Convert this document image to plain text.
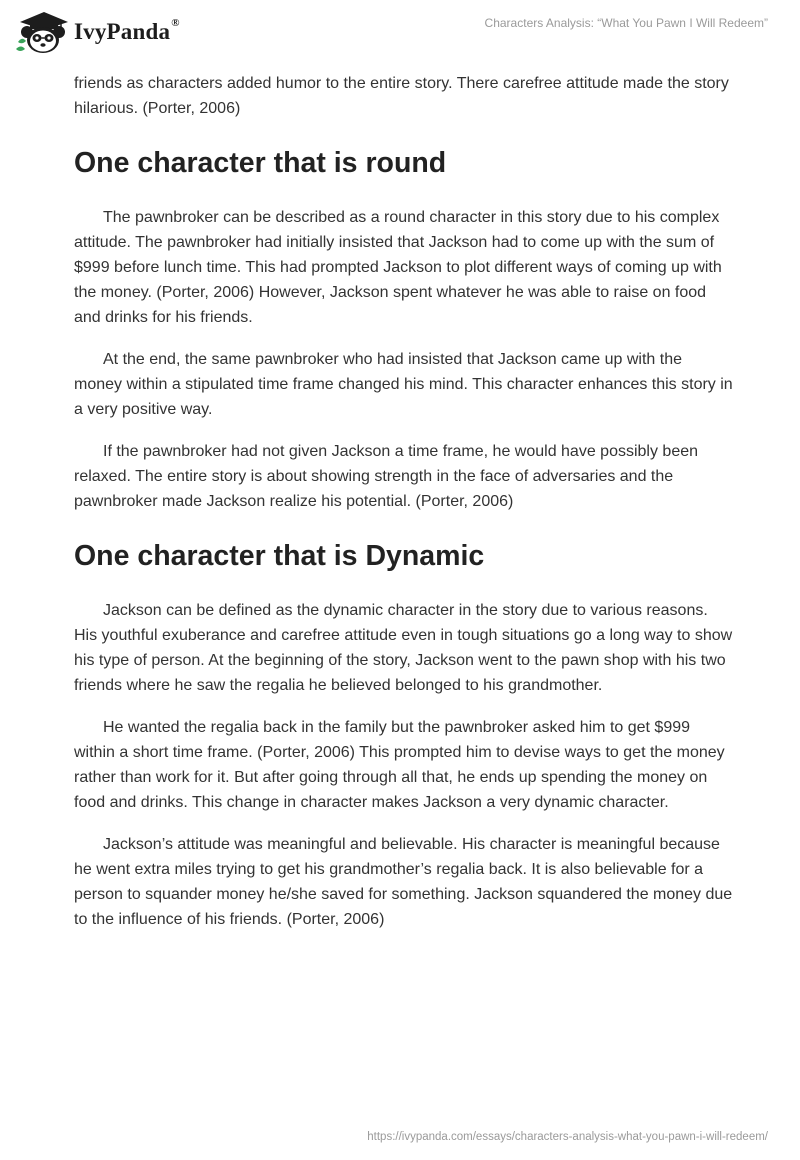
IvyPanda®	Characters Analysis: “What You Pawn I Will Redeem”

friends as characters added humor to the entire story. There carefree attitude made the story hilarious. (Porter, 2006)

One character that is round

The pawnbroker can be described as a round character in this story due to his complex attitude. The pawnbroker had initially insisted that Jackson had to come up with the sum of $999 before lunch time. This had prompted Jackson to plot different ways of coming up with the money. (Porter, 2006) However, Jackson spent whatever he was able to raise on food and drinks for his friends.

At the end, the same pawnbroker who had insisted that Jackson came up with the money within a stipulated time frame changed his mind. This character enhances this story in a very positive way.

If the pawnbroker had not given Jackson a time frame, he would have possibly been relaxed. The entire story is about showing strength in the face of adversaries and the pawnbroker made Jackson realize his potential. (Porter, 2006)

One character that is Dynamic

Jackson can be defined as the dynamic character in the story due to various reasons. His youthful exuberance and carefree attitude even in tough situations go a long way to show his type of person. At the beginning of the story, Jackson went to the pawn shop with his two friends where he saw the regalia he believed belonged to his grandmother.

He wanted the regalia back in the family but the pawnbroker asked him to get $999 within a short time frame. (Porter, 2006) This prompted him to devise ways to get the money rather than work for it. But after going through all that, he ends up spending the money on food and drinks. This change in character makes Jackson a very dynamic character.

Jackson’s attitude was meaningful and believable. His character is meaningful because he went extra miles trying to get his grandmother’s regalia back. It is also believable for a person to squander money he/she saved for something. Jackson squandered the money due to the influence of his friends. (Porter, 2006)

https://ivypanda.com/essays/characters-analysis-what-you-pawn-i-will-redeem/
